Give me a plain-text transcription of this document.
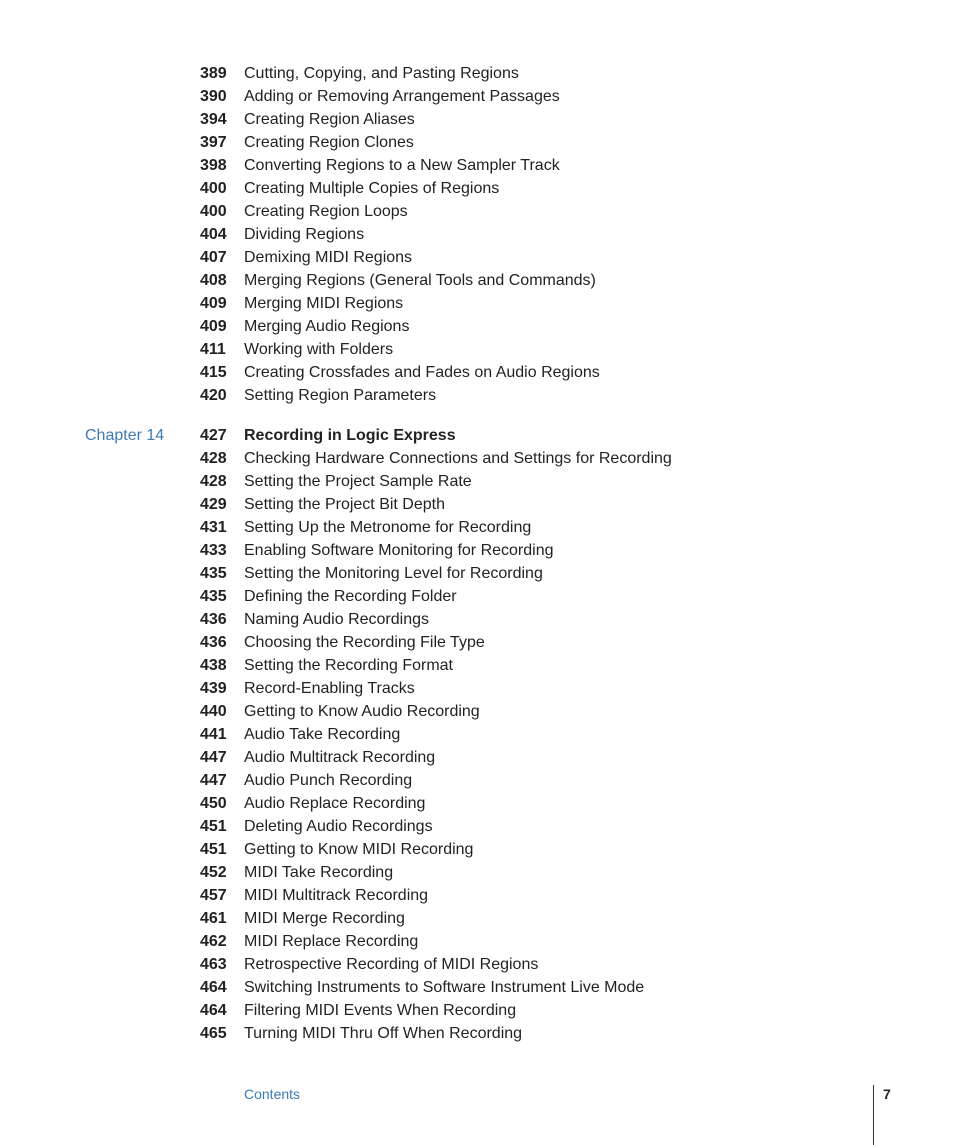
389	Cutting, Copying, and Pasting Regions
390	Adding or Removing Arrangement Passages
394	Creating Region Aliases
397	Creating Region Clones
398	Converting Regions to a New Sampler Track
400	Creating Multiple Copies of Regions
400	Creating Region Loops
404	Dividing Regions
407	Demixing MIDI Regions
408	Merging Regions (General Tools and Commands)
409	Merging MIDI Regions
409	Merging Audio Regions
411	Working with Folders
415	Creating Crossfades and Fades on Audio Regions
420	Setting Region Parameters
Chapter 14 427	Recording in Logic Express
428	Checking Hardware Connections and Settings for Recording
428	Setting the Project Sample Rate
429	Setting the Project Bit Depth
431	Setting Up the Metronome for Recording
433	Enabling Software Monitoring for Recording
435	Setting the Monitoring Level for Recording
435	Defining the Recording Folder
436	Naming Audio Recordings
436	Choosing the Recording File Type
438	Setting the Recording Format
439	Record-Enabling Tracks
440	Getting to Know Audio Recording
441	Audio Take Recording
447	Audio Multitrack Recording
447	Audio Punch Recording
450	Audio Replace Recording
451	Deleting Audio Recordings
451	Getting to Know MIDI Recording
452	MIDI Take Recording
457	MIDI Multitrack Recording
461	MIDI Merge Recording
462	MIDI Replace Recording
463	Retrospective Recording of MIDI Regions
464	Switching Instruments to Software Instrument Live Mode
464	Filtering MIDI Events When Recording
465	Turning MIDI Thru Off When Recording
Contents	7
